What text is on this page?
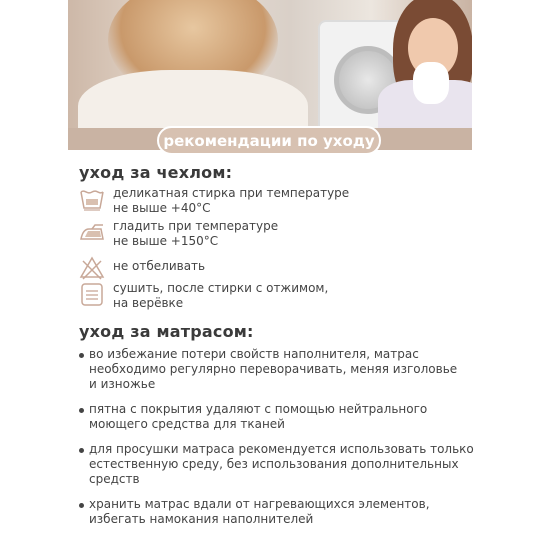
рекомендации по уходу
уход за чехлом:
деликатная стирка при температуре
не выше +40°C
гладить при температуре
не выше +150°C
не отбеливать
сушить, после стирки с отжимом,
на верёвке
уход за матрасом:
во избежание потери свойств наполнителя, матрас
необходимо регулярно переворачивать, меняя изголовье
и изножье
пятна с покрытия удаляют с помощью нейтрального
моющего средства для тканей
для просушки матраса рекомендуется использовать только
естественную среду, без использования дополнительных
средств
хранить матрас вдали от нагревающихся элементов,
избегать намокания наполнителей
